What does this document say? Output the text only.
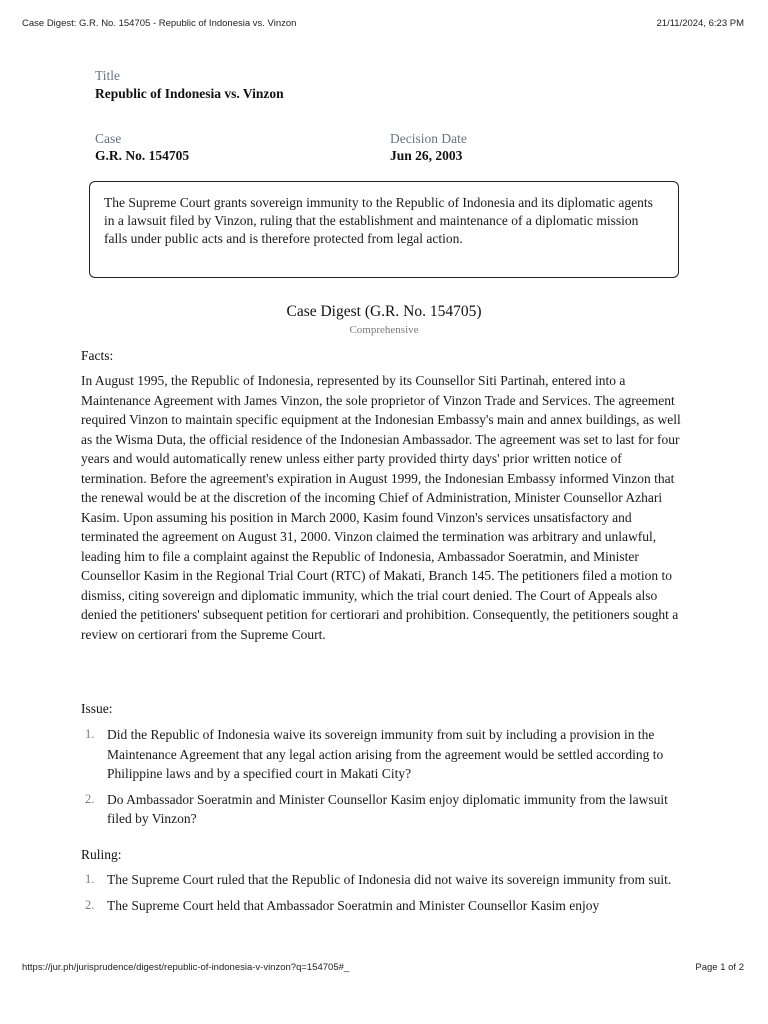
Case Digest: G.R. No. 154705 - Republic of Indonesia vs. Vinzon	21/11/2024, 6:23 PM
Title
Republic of Indonesia vs. Vinzon
Case
G.R. No. 154705
Decision Date
Jun 26, 2003
The Supreme Court grants sovereign immunity to the Republic of Indonesia and its diplomatic agents in a lawsuit filed by Vinzon, ruling that the establishment and maintenance of a diplomatic mission falls under public acts and is therefore protected from legal action.
Case Digest (G.R. No. 154705)
Comprehensive
Facts:

In August 1995, the Republic of Indonesia, represented by its Counsellor Siti Partinah, entered into a Maintenance Agreement with James Vinzon, the sole proprietor of Vinzon Trade and Services. The agreement required Vinzon to maintain specific equipment at the Indonesian Embassy's main and annex buildings, as well as the Wisma Duta, the official residence of the Indonesian Ambassador. The agreement was set to last for four years and would automatically renew unless either party provided thirty days' prior written notice of termination. Before the agreement's expiration in August 1999, the Indonesian Embassy informed Vinzon that the renewal would be at the discretion of the incoming Chief of Administration, Minister Counsellor Azhari Kasim. Upon assuming his position in March 2000, Kasim found Vinzon's services unsatisfactory and terminated the agreement on August 31, 2000. Vinzon claimed the termination was arbitrary and unlawful, leading him to file a complaint against the Republic of Indonesia, Ambassador Soeratmin, and Minister Counsellor Kasim in the Regional Trial Court (RTC) of Makati, Branch 145. The petitioners filed a motion to dismiss, citing sovereign and diplomatic immunity, which the trial court denied. The Court of Appeals also denied the petitioners' subsequent petition for certiorari and prohibition. Consequently, the petitioners sought a review on certiorari from the Supreme Court.

Issue:
1. Did the Republic of Indonesia waive its sovereign immunity from suit by including a provision in the Maintenance Agreement that any legal action arising from the agreement would be settled according to Philippine laws and by a specified court in Makati City?
2. Do Ambassador Soeratmin and Minister Counsellor Kasim enjoy diplomatic immunity from the lawsuit filed by Vinzon?
Ruling:
1. The Supreme Court ruled that the Republic of Indonesia did not waive its sovereign immunity from suit.
2. The Supreme Court held that Ambassador Soeratmin and Minister Counsellor Kasim enjoy
https://jur.ph/jurisprudence/digest/republic-of-indonesia-v-vinzon?q=154705#_	Page 1 of 2
